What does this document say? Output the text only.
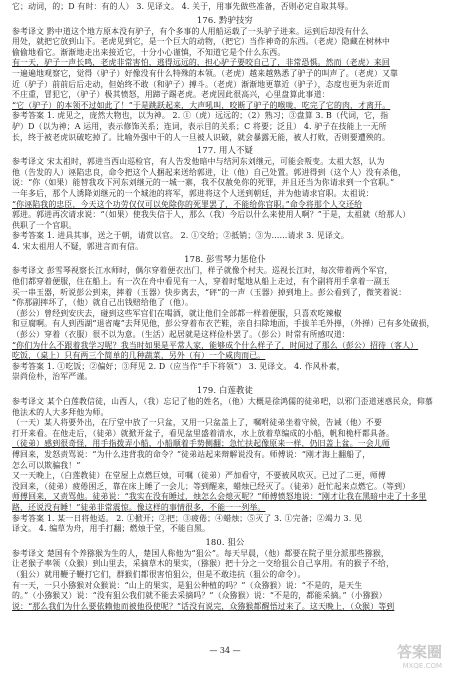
它；动词，的；D 有时：有的人） 3. 见译文。 4. 关于，用事先做些准备，否则必定自取其辱。
176. 黔驴技穷
参考译文 黔中道这个地方原本没有驴子，有个多事的人用船运载了一头驴子进来。运到后却没有什么
用处，就把它放到山下。老虎见到它，是一个巨大的动物，（把它）当作神奇的东西。（老虎）隐藏在树林中
偷偷地看它。渐渐地走出来接近它，十分小心谨慎，不知道它是个什么东西。
有一天，驴子一声长鸣，老虎非常害怕，逃得远远的，担心驴子要咬自己了，非常恐惧。然而（老虎）来回
一遍遍地观察它，觉得（驴子）好像没有什么特殊的本领。（老虎）越来越熟悉了驴子的叫声了。（老虎）又靠
近（驴子）前前后后走动，但始终不敢（和驴子）搏斗。（老虎）渐渐地更靠近（驴子），态度也更为亲近而
不庄重，冒犯它，（驴子）极其愤怒，用蹄子踢老虎。老虎因此很高兴，心里盘算此事道：
“它（驴子）的本领不过如此了！”于是跳跃起来，大声吼叫，咬断了驴子的喉咙，吃完了它的肉，才离开。
参考答案 1. 虎见之，庞然大物也，以为神。 2. ①（虎）远远的；（2）熟习；③盘算 3. B（代词，它，指
驴）D（以为神；A 运用，表示修饰关系；连词，表示目的关系；C 将要；泛且） 4. 驴子在技能上一无所
长，终于被老虎识破吃掉了。比喻外强中干的人一旦被人识破，就会暴露无能，被人打败，否则要遭殃的。
177. 用人不疑
参考译文 宋太祖时，郭进当西山巡检官，有人告发他暗中与结河东刘继元，可能会叛变。太祖大怒，认为
他（告发的人）诬陷忠良，命令把这个人捆起来送给郭进，让（他）自己处置。郭进得到（这个人）没有杀他，
说：“你（如果）能替我攻下河东刘继元的一城一寨，我不仅赦免你的死罪，并且还当为你请求到一个官职。”
一年多后，那个人诱降刘继元的一个城池的将军，郭进将这个人送到朝廷，并为他请求官职。太祖说：
“你诬陷我的忠臣，今天这个功劳仅仅可以免除你的死罪罢了，不能给你官职。”命令将那个人交还给
郭进。郭进再次请求说：“（如果）使我失信于人，那么（我）今后以什么来使用人啊？”于是，太祖就（给那人）
供职了一个官职。
参考答案 1. 进具其事，送之于朝，请赏以官。 2. ①交给；②抵销；③为……请求 3. 见译文。
4. 宋太祖用人不疑，郭进言而有信。
178. 彭雪琴力惩伧仆
参考译文 彭雪琴视察长江水师时，偶尔穿着便衣出门，样子就像个村夫。巡视长江时，每次带着两个军官，
他们都穿着便服，住在船上。有一次在舟中看见有一人，穿着时髦地从船上走过，有个副将用手拿着一副玉
买一串玉器，听说彭公到来，摔着（玉器）快步离去，“砰”的一声（玉器）掉到地上。彭公看到了，微笑着说：
“你那副摔坏了，（他）就自己出钱赔给他了（他）。
（彭公）曾经到安庆去，碰到这些军官们在喝酒，就让他们全部都一样着便服，只喜欢吃辣椒
和豆腐啊。有人到西湖“退省庵”去拜见他，彭公穿着布衣芒鞋，亲自扫除地面，手拔羊毛外掸，（外掸）已有多处破损，
（彭公）穿着（衣服）很不以为意。（生活）起居就是这样俭朴罢了。（彭公）时常有所感叹道：
“你们为什么不跟着我学习呢？我当时如果是平常人家，能够成个什么样子了，时间过了那么（彭公）招待（客人）
吃饭，（桌上）只有两三个简单的几种蔬菜，另外（有）一个咸肉而已。
参考答案 1. ①吃饭；②偏好；③拜见 2. D（应当作“手下将领”） 3. 见译文。 4. 作风朴素，
崇尚俭朴，治军严谨。
179. 白莲教徒
参考译文 某个白莲教信徒，山西人，（我）忘记了他的姓名，（他）大概是徐鸿儒的徒弟吧，以邪门歪道迷惑民众，仰慕
他法术的人大多拜他为师。
（一天）某人将要外出，在厅堂中放了一只盆，又用一只盆盖上了，嘱咐徒弟坐着守候，告诫（他）不要
打开来看。在他走后，（徒弟）就掀开盆子，看见盆里盛着清水，水上放着草编成的小船，帆和桅杆都具备。
（徒弟）感到很奇怪，用手指拨弄小船，小船顺着手势侧翻；急忙扶起像原来一样，仍旧盖上盆。一会儿师
傅回来，发怒责骂说：“为什么违背我的命令？”徒弟站起来辩解说没有。师傅说：“刚才海上翻船了，
怎么可以欺骗我！”
又一天晚上，（白莲教徒）在堂屋上点燃巨烛，可嘱（徒弟）严加看守，不要被风吹灭。已过了二更，师傅
没回来，（徒弟）疲倦困乏，靠在床上睡了一会儿；等到醒来，蜡烛已经灭了。（徒弟）赶忙起来点燃它。（等到）
师傅回来，又责骂他。徒弟说：“我实在没有睡过，烛怎么会熄灭呢？”师傅愤怒地说：“刚才让我在黑暗中走了十多里
路，还说没有睡！”徒弟非常震惊。像这样的事情很多，不能一一列举。
参考答案 1. 某一日将他适。 2. ①掀开；②把；③疲倦；④蜡烛；⑤灭了 3. ①完备；②竭力 3. 见
译文。 4. 编草为舟，用手打翻；燃烛于堂，不能自黑。
180. 狙公
参考译文 楚国有个养猕猴为生的人，楚国人称他为“狙公”。每天早晨，（他）都要在院子里分派那些猕猴，
让老猴子率领（众猴）到山里去，采摘草木的果实，（猕猴）把十分之一交给狙公自己享用。有的猴子不给，
（狙公）就用鞭子鞭打它们，群猴们都很害怕狙公，但是不敢违抗（狙公的命令）。
有一天，一只小猕猴对众猴说：“山上的果实，是狙公种植的吗？”（众猕猴）说：“不是的，是天生
的。”（小猕猴又）说：“没有狙公我们就不能去采摘吗？”（众猕猴）说：“不是的，都能采摘。”（小猕猴）
说：“那么我们为什么要依赖他而被他役使呢？”话没有说完，众猕猴都醒悟过来了。这天晚上，（众猴）等到
— 34 —	答案圈
MXQE.COM
